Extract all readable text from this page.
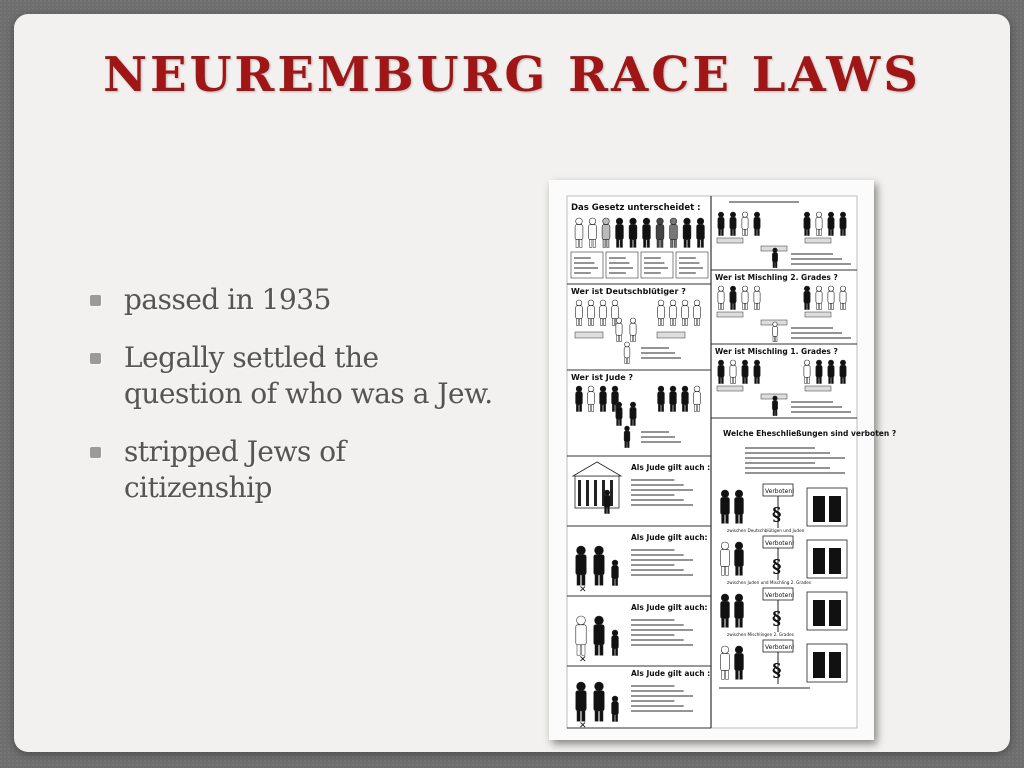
NEUREMBURG RACE LAWS
passed in 1935
Legally settled the question of who was a Jew.
stripped Jews of citizenship
Das Gesetz unterscheidet :
Wer ist Deutschblütiger ?
Wer ist Jude ?
Als Jude gilt auch :
Als Jude gilt auch:
✕
Als Jude gilt auch:
✕
Als Jude gilt auch :
✕
Wer ist Mischling 2. Grades ?
Wer ist Mischling 1. Grades ?
Welche Eheschließungen sind verboten ?
Verboten!
§
zwischen Deutschblütigen und Juden
Verboten!
§
zwischen Juden und Mischling 2. Grades
Verboten!
§
zwischen Mischlingen 2. Grades
Verboten!
§
